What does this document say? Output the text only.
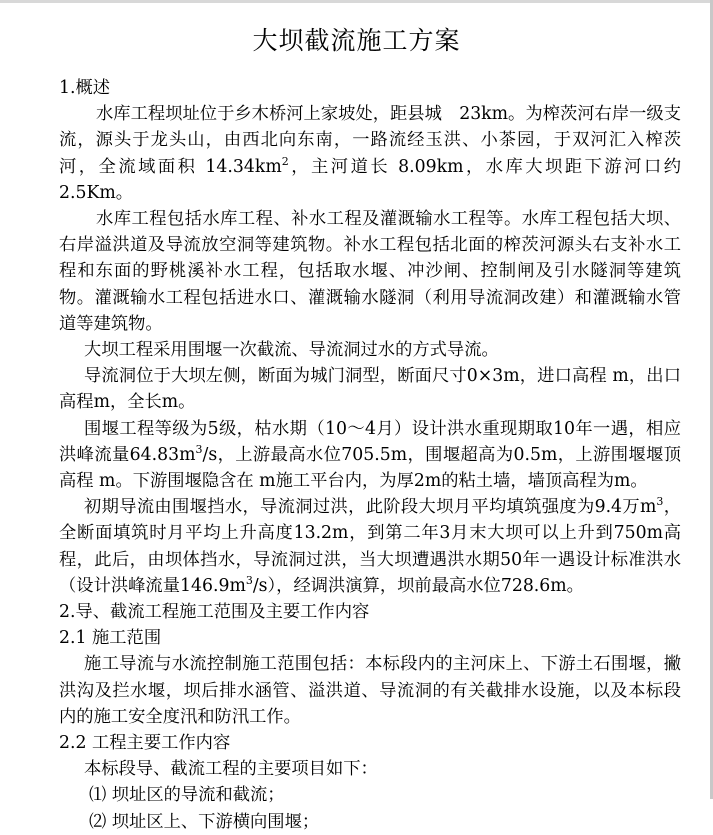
大坝截流施工方案

1.概述

水库工程坝址位于乡木桥河上家坡处，距县城　23km。为榨茨河右岸一级支流，源头于龙头山，由西北向东南，一路流经玉洪、小茶园，于双河汇入榨茨河，全流域面积 $14.34km^2$，主河道长 8.09km，水库大坝距下游河口约2.5Km。

水库工程包括水库工程、补水工程及灌溉输水工程等。水库工程包括大坝、右岸溢洪道及导流放空洞等建筑物。补水工程包括北面的榨茨河源头右支补水工程和东面的野桃溪补水工程，包括取水堰、冲沙闸、控制闸及引水隧洞等建筑物。灌溉输水工程包括进水口、灌溉输水隧洞（利用导流洞改建）和灌溉输水管道等建筑物。

大坝工程采用围堰一次截流、导流洞过水的方式导流。

导流洞位于大坝左侧，断面为城门洞型，断面尺寸0×3m，进口高程 m，出口高程m，全长m。

围堰工程等级为5级，枯水期（10～4月）设计洪水重现期取10年一遇，相应洪峰流量$64.83m^3/s$，上游最高水位705.5m，围堰超高为0.5m，上游围堰堰顶高程 m。下游围堰隐含在 m施工平台内，为厚2m的粘土墙，墙顶高程为m。

初期导流由围堰挡水，导流洞过洪，此阶段大坝月平均填筑强度为9.4万$m^3$，全断面填筑时月平均上升高度13.2m，到第二年3月末大坝可以上升到750m高程，此后，由坝体挡水，导流洞过洪，当大坝遭遇洪水期50年一遇设计标准洪水（设计洪峰流量$146.9m^3/s$），经调洪演算，坝前最高水位728.6m。

2.导、截流工程施工范围及主要工作内容

2.1 施工范围

施工导流与水流控制施工范围包括：本标段内的主河床上、下游土石围堰，撇洪沟及拦水堰，坝后排水涵管、溢洪道、导流洞的有关截排水设施，以及本标段内的施工安全度汛和防汛工作。

2.2 工程主要工作内容

本标段导、截流工程的主要项目如下：

⑴ 坝址区的导流和截流；

⑵ 坝址区上、下游横向围堰；
